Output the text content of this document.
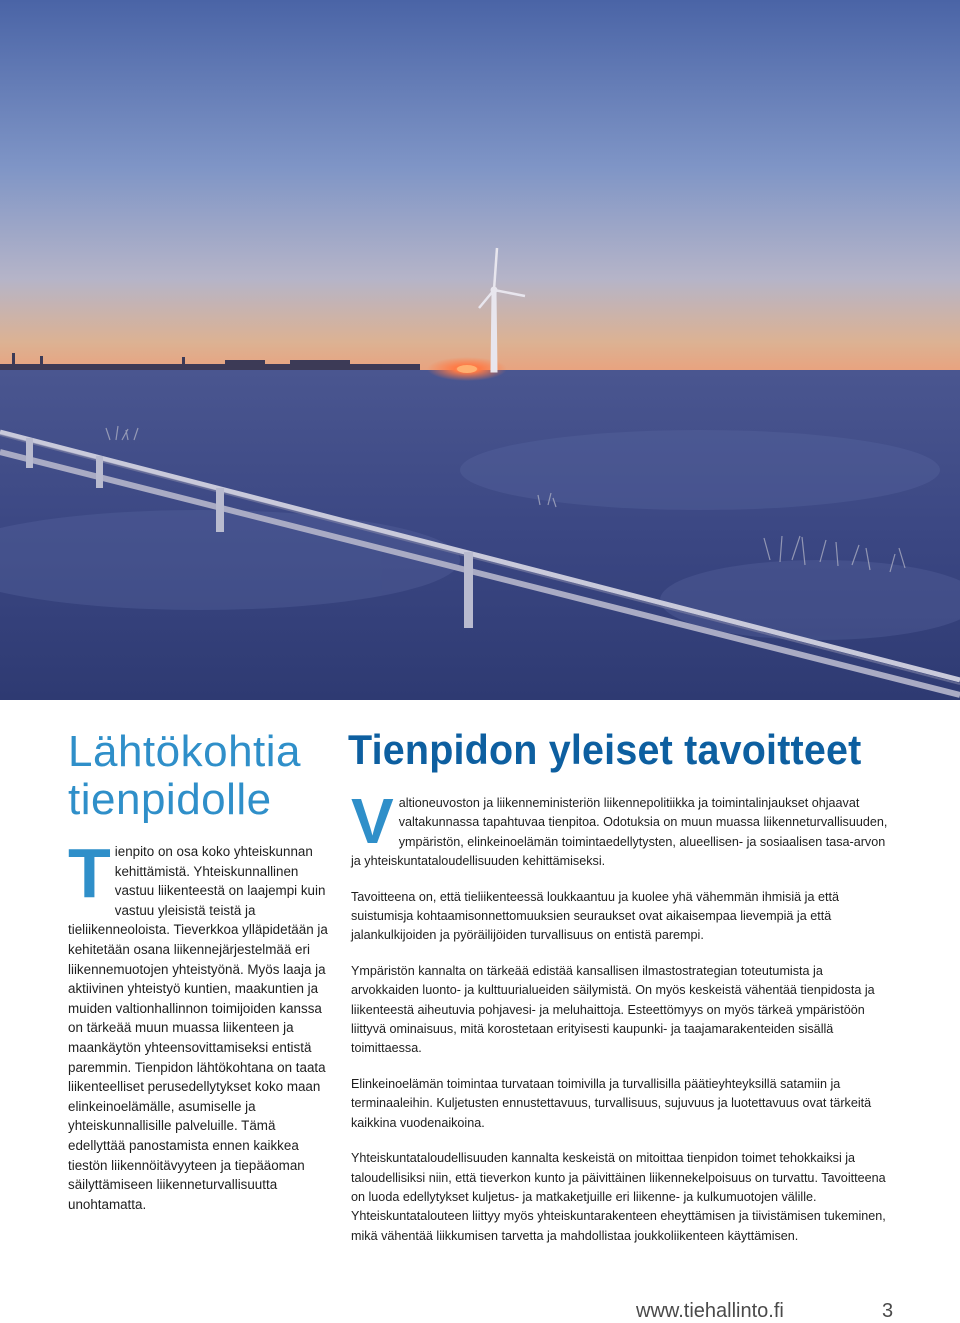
Lähtökohtia tienpidolle
T ienpito on osa koko yhteiskunnan kehittämistä. Yhteiskunnallinen vastuu liikenteestä on laajempi kuin vastuu yleisistä teistä ja tieliikenneoloista. Tieverkkoa ylläpidetään ja kehitetään osana liikennejärjestelmää eri liikennemuotojen yhteistyönä. Myös laaja ja aktiivinen yhteistyö kuntien, maakuntien ja muiden valtionhallinnon toimijoiden kanssa on tärkeää muun muassa liikenteen ja maankäytön yhteensovittamiseksi entistä paremmin. Tienpidon lähtökohtana on taata liikenteelliset perusedellytykset koko maan elinkeinoelämälle, asumiselle ja yhteiskunnallisille palveluille. Tämä edellyttää panostamista ennen kaikkea tiestön liikennöitävyyteen ja tiepääoman säilyttämiseen liikenneturvallisuutta unohtamatta.
Tienpidon yleiset tavoitteet

V altioneuvoston ja liikenneministeriön liikennepolitiikka ja toimintalinjaukset ohjaavat valtakunnassa tapahtuvaa tienpitoa. Odotuksia on muun muassa liikenneturvallisuuden, ympäristön, elinkeinoelämän toimintaedellytysten, alueellisen- ja sosiaalisen tasa-arvon ja yhteiskuntataloudellisuuden kehittämiseksi.

Tavoitteena on, että tieliikenteessä loukkaantuu ja kuolee yhä vähemmän ihmisiä ja että suistumisja kohtaamisonnettomuuksien seuraukset ovat aikaisempaa lievempiä ja että jalankulkijoiden ja pyöräilijöiden turvallisuus on entistä parempi.

Ympäristön kannalta on tärkeää edistää kansallisen ilmastostrategian toteutumista ja arvokkaiden luonto- ja kulttuurialueiden säilymistä. On myös keskeistä vähentää tienpidosta ja liikenteestä aiheutuvia pohjavesi- ja meluhaittoja. Esteettömyys on myös tärkeä ympäristöön liittyvä ominaisuus, mitä korostetaan erityisesti kaupunki- ja taajamarakenteiden sisällä toimittaessa.

Elinkeinoelämän toimintaa turvataan toimivilla ja turvallisilla päätieyhteyksillä satamiin ja terminaaleihin. Kuljetusten ennustettavuus, turvallisuus, sujuvuus ja luotettavuus ovat tärkeitä kaikkina vuodenaikoina.

Yhteiskuntataloudellisuuden kannalta keskeistä on mitoittaa tienpidon toimet tehokkaiksi ja taloudellisiksi niin, että tieverkon kunto ja päivittäinen liikennekelpoisuus on turvattu. Tavoitteena on luoda edellytykset kuljetus- ja matkaketjuille eri liikenne- ja kulkumuotojen välille. Yhteiskuntatalouteen liittyy myös yhteiskuntarakenteen eheyttämisen ja tiivistämisen tukeminen, mikä vähentää liikkumisen tarvetta ja mahdollistaa joukkoliikenteen käyttämisen.

www.tiehallinto.fi	3
